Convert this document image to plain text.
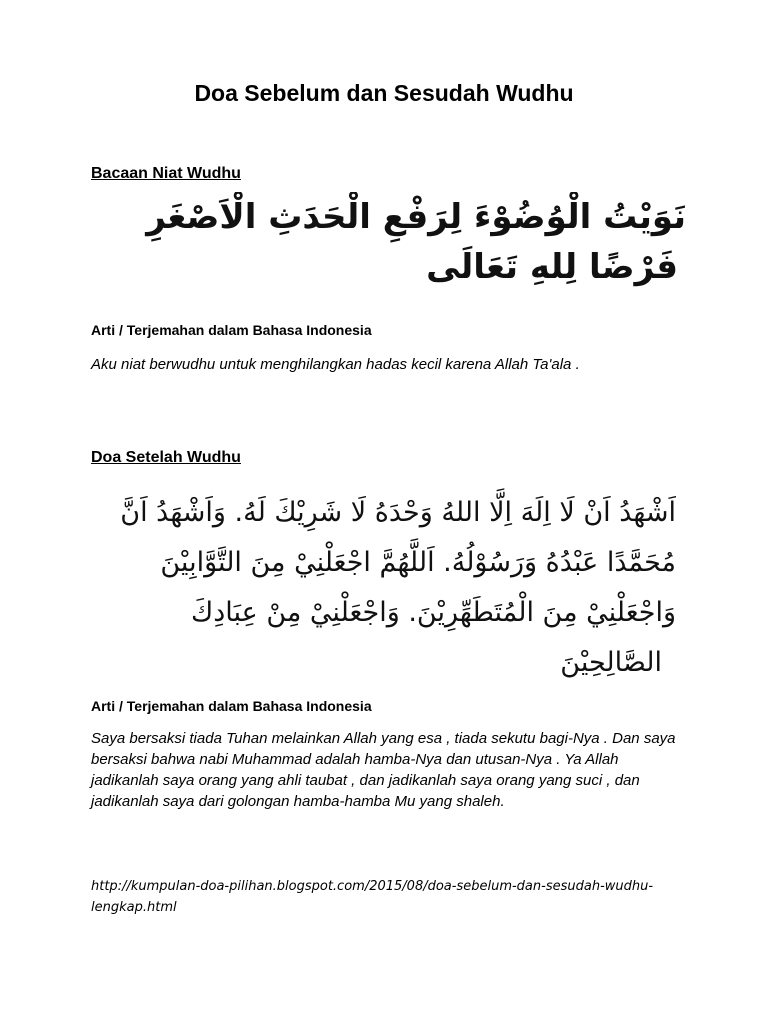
Doa Sebelum dan Sesudah Wudhu
Bacaan Niat Wudhu
نَوَيْتُ الْوُضُوْءَ لِرَفْعِ الْحَدَثِ الْاَصْغَرِ
فَرْضًا لِلهِ تَعَالَى
Arti / Terjemahan dalam Bahasa Indonesia
Aku niat berwudhu untuk menghilangkan hadas kecil karena Allah Ta'ala .
Doa Setelah Wudhu
اَشْهَدُ اَنْ لَا اِلَهَ اِلَّا اللهُ وَحْدَهُ لَا شَرِيْكَ لَهُ. وَاَشْهَدُ اَنَّ
مُحَمَّدًا عَبْدُهُ وَرَسُوْلُهُ. اَللَّهُمَّ اجْعَلْنِيْ مِنَ التَّوَّابِيْنَ
وَاجْعَلْنِيْ مِنَ الْمُتَطَهِّرِيْنَ. وَاجْعَلْنِيْ مِنْ عِبَادِكَ
الصَّالِحِيْنَ
Arti / Terjemahan dalam Bahasa Indonesia
Saya bersaksi tiada Tuhan melainkan Allah yang esa , tiada sekutu bagi-Nya . Dan saya bersaksi bahwa nabi Muhammad adalah hamba-Nya dan utusan-Nya . Ya Allah jadikanlah saya orang yang ahli taubat , dan jadikanlah saya orang yang suci , dan jadikanlah saya dari golongan hamba-hamba Mu yang shaleh.
http://kumpulan-doa-pilihan.blogspot.com/2015/08/doa-sebelum-dan-sesudah-wudhu-lengkap.html
